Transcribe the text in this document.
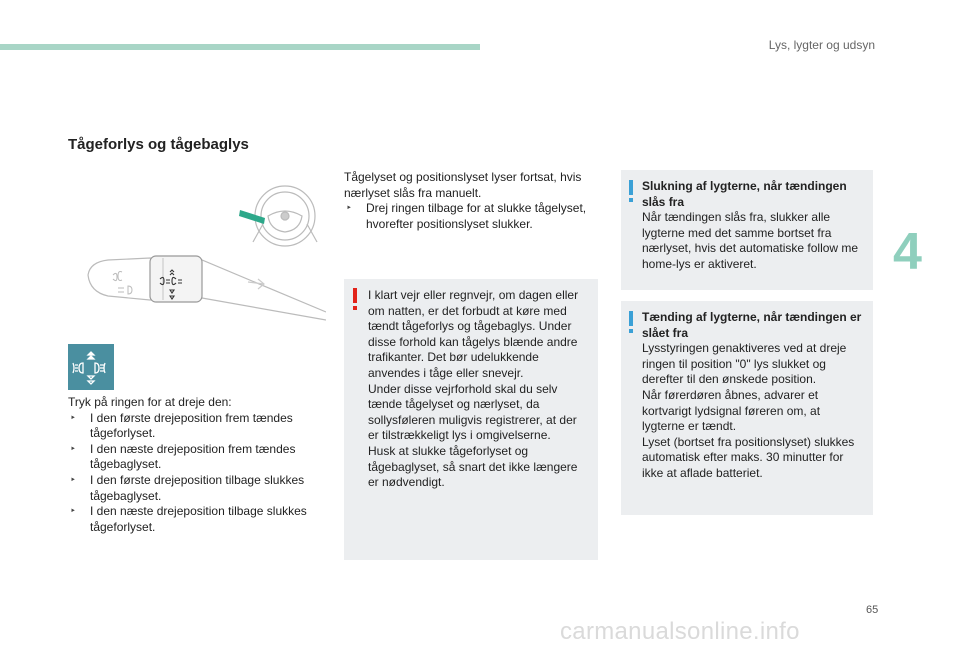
Lys, lygter og udsyn
4
Tågeforlys og tågebaglys

Tryk på ringen for at dreje den:

‣ I den første drejeposition frem tændes tågeforlyset.
‣ I den næste drejeposition frem tændes tågebaglyset.
‣ I den første drejeposition tilbage slukkes tågebaglyset.
‣ I den næste drejeposition tilbage slukkes tågeforlyset.

Tågelyset og positionslyset lyser fortsat, hvis nærlyset slås fra manuelt.

‣ Drej ringen tilbage for at slukke tågelyset, hvorefter positionslyset slukker.

I klart vejr eller regnvejr, om dagen eller om natten, er det forbudt at køre med tændt tågeforlys og tågebaglys. Under disse forhold kan tågelys blænde andre trafikanter. Det bør udelukkende anvendes i tåge eller snevejr.

Under disse vejrforhold skal du selv tænde tågelyset og nærlyset, da sollysføleren muligvis registrerer, at der er tilstrækkeligt lys i omgivelserne.

Husk at slukke tågeforlyset og tågebaglyset, så snart det ikke længere er nødvendigt.

Slukning af lygterne, når tændingen slås fra

Når tændingen slås fra, slukker alle lygterne med det samme bortset fra nærlyset, hvis det automatiske follow me home-lys er aktiveret.

Tænding af lygterne, når tændingen er slået fra

Lysstyringen genaktiveres ved at dreje ringen til position "0" lys slukket og derefter til den ønskede position.

Når førerdøren åbnes, advarer et kortvarigt lydsignal føreren om, at lygterne er tændt.

Lyset (bortset fra positionslyset) slukkes automatisk efter maks. 30 minutter for ikke at aflade batteriet.

65
carmanualsonline.info
